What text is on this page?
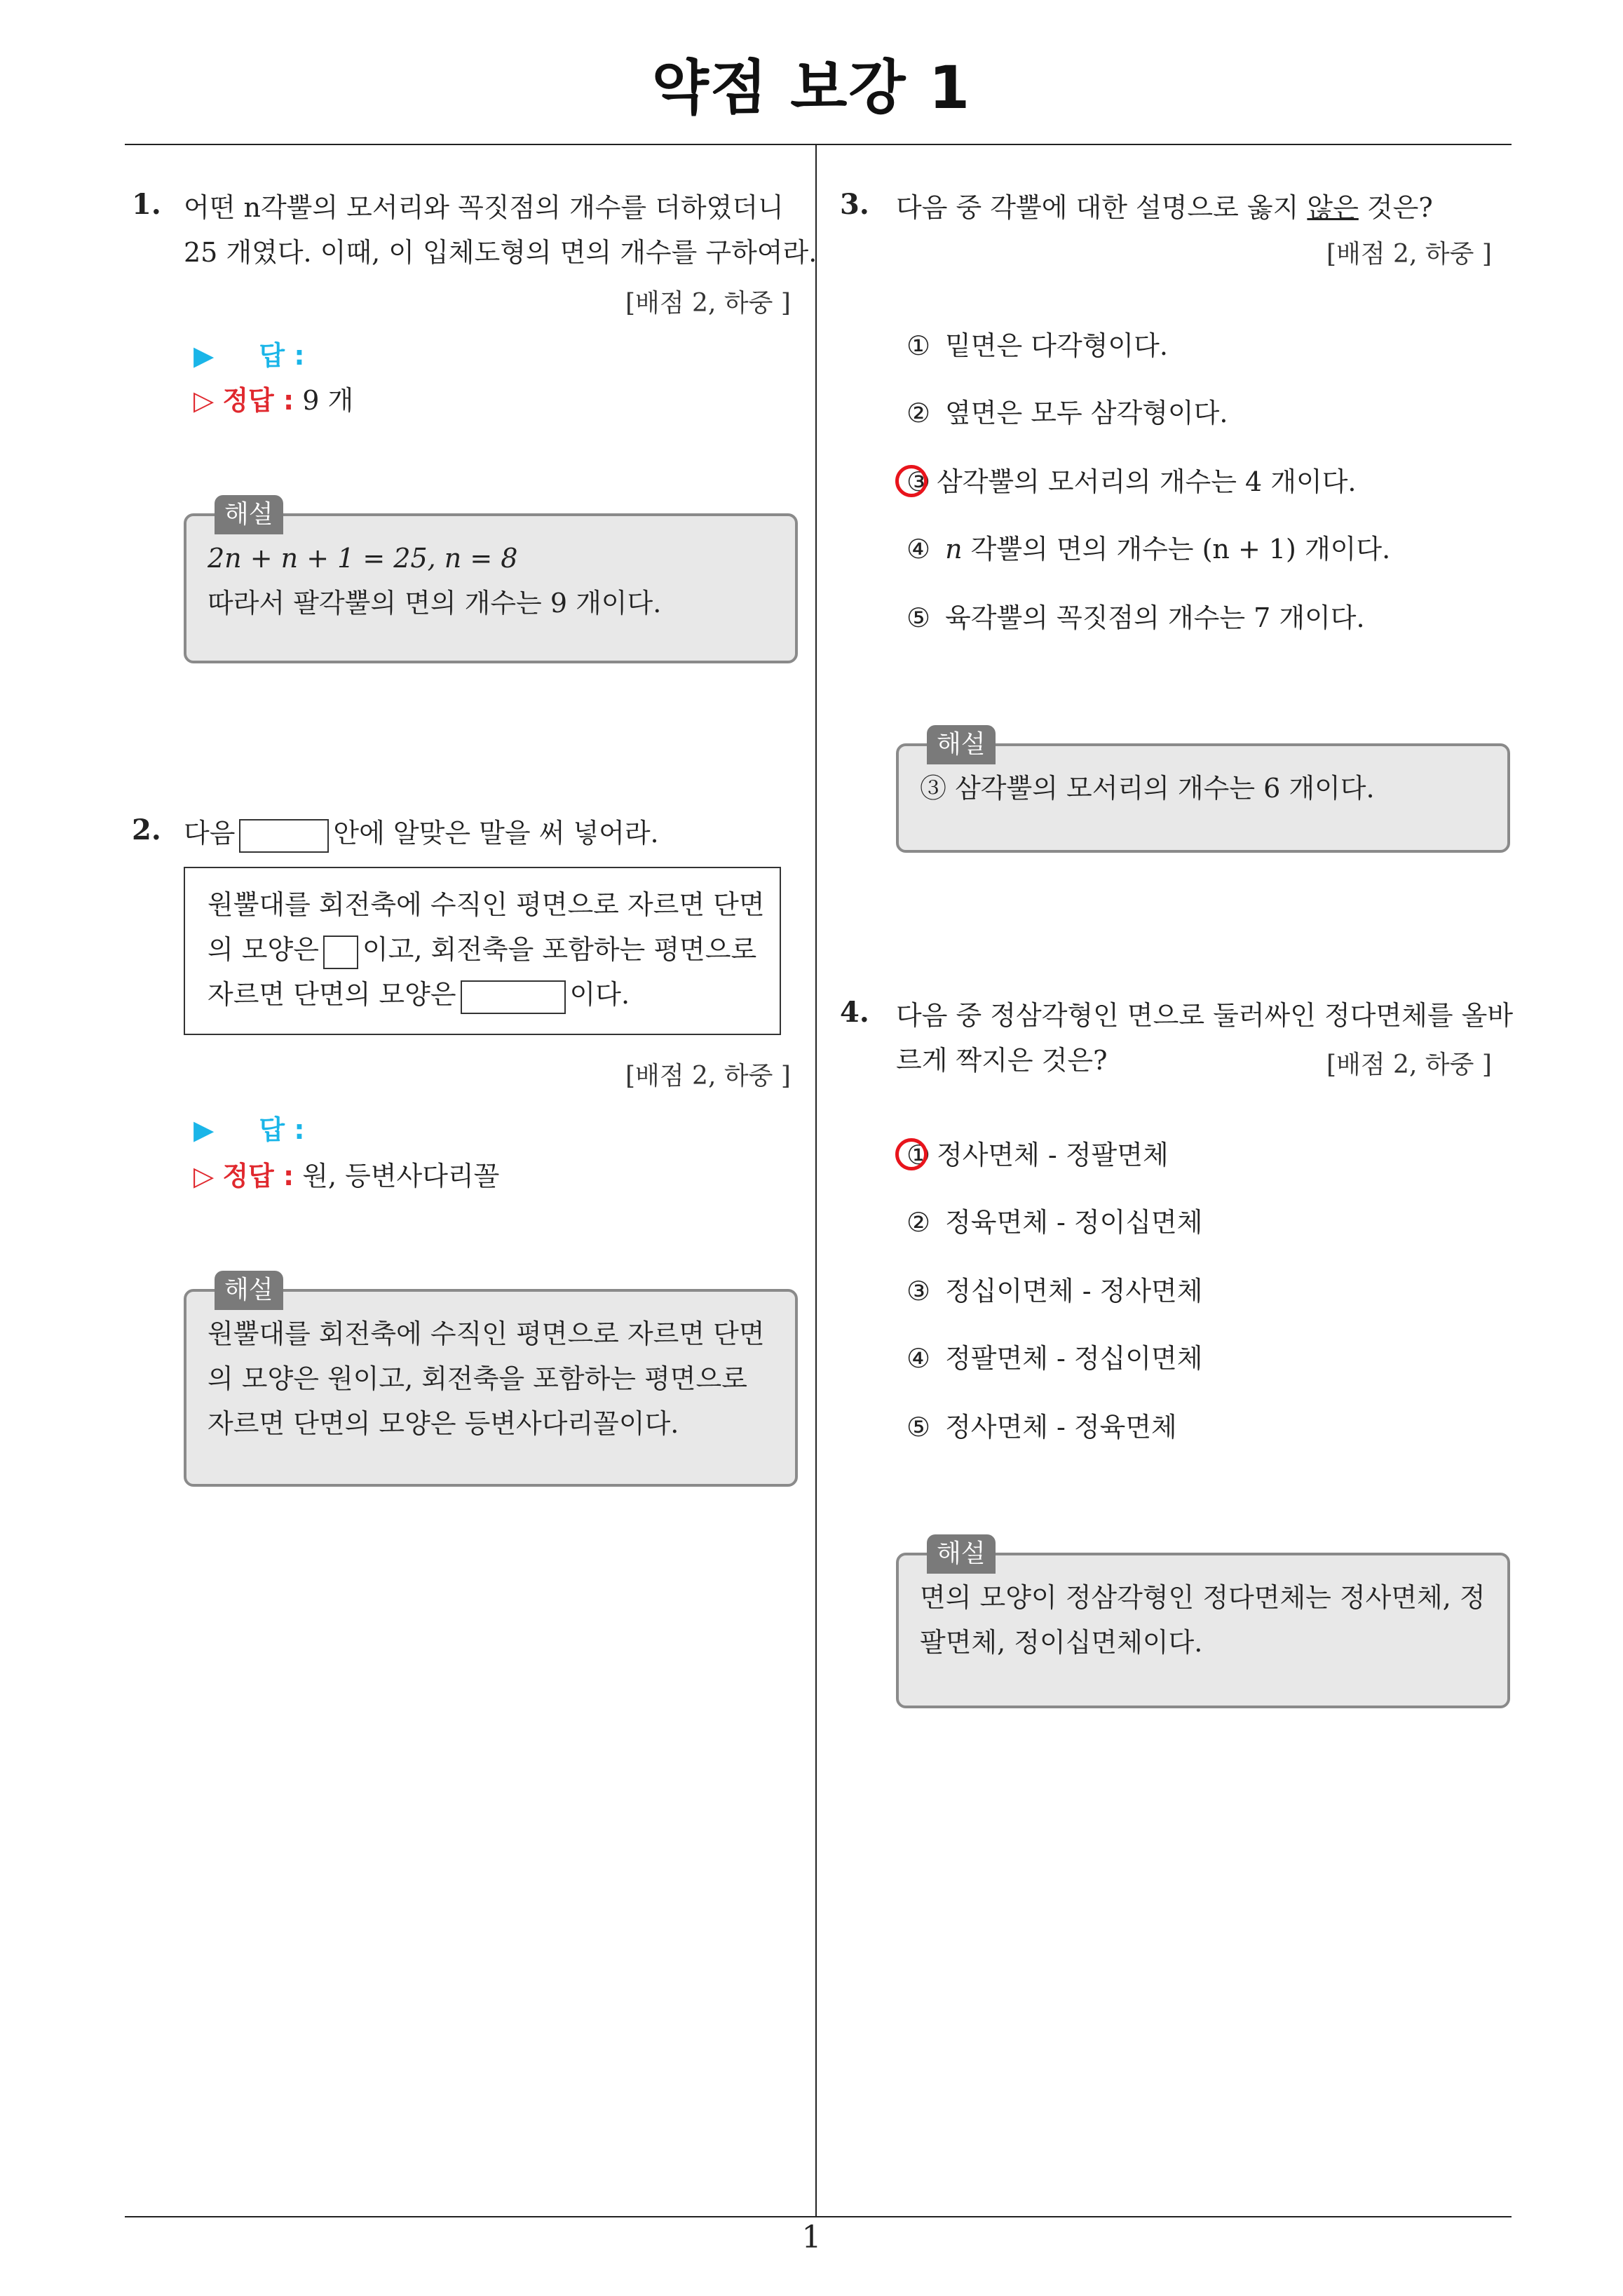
약점 보강 1
1
1. 어떤 n각뿔의 모서리와 꼭짓점의 개수를 더하였더니
25 개였다. 이때, 이 입체도형의 면의 개수를 구하여라.
[배점 2, 하중 ]
▶ 답 :
▷ 정답 : 9 개
해설
2n + n + 1 = 25, n = 8
따라서 팔각뿔의 면의 개수는 9 개이다.
2. 다음	안에 알맞은 말을 써 넣어라.
원뿔대를 회전축에 수직인 평면으로 자르면 단면
의 모양은 이고, 회전축을 포함하는 평면으로
자르면 단면의 모양은	이다.
[배점 2, 하중 ]
▶ 답 :
▷ 정답 : 원, 등변사다리꼴
해설
원뿔대를 회전축에 수직인 평면으로 자르면 단면
의 모양은 원이고, 회전축을 포함하는 평면으로
자르면 단면의 모양은 등변사다리꼴이다.
3. 다음 중 각뿔에 대한 설명으로 옳지 않은 것은?
[배점 2, 하중 ]
① 밑면은 다각형이다.
② 옆면은 모두 삼각형이다.
③ 삼각뿔의 모서리의 개수는 4 개이다.
④ n 각뿔의 면의 개수는 (n + 1) 개이다.
⑤ 육각뿔의 꼭짓점의 개수는 7 개이다.
해설
③ 삼각뿔의 모서리의 개수는 6 개이다.
4. 다음 중 정삼각형인 면으로 둘러싸인 정다면체를 올바
르게 짝지은 것은?	[배점 2, 하중 ]
① 정사면체 - 정팔면체
② 정육면체 - 정이십면체
③ 정십이면체 - 정사면체
④ 정팔면체 - 정십이면체
⑤ 정사면체 - 정육면체
해설
면의 모양이 정삼각형인 정다면체는 정사면체, 정
팔면체, 정이십면체이다.
